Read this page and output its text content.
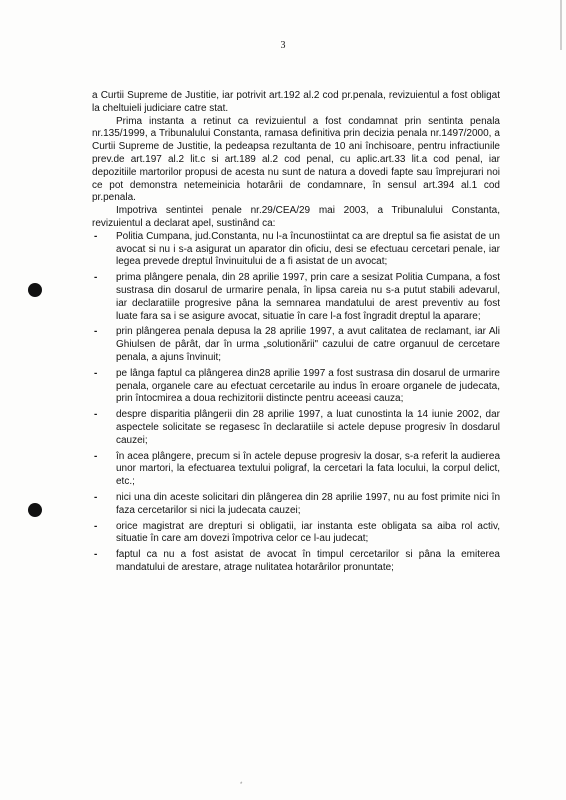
3

a Curtii Supreme de Justitie, iar potrivit art.192 al.2 cod pr.penala, revizuientul a fost obligat la cheltuieli judiciare catre stat.

Prima instanta a retinut ca revizuientul a fost condamnat prin sentinta penala nr.135/1999, a Tribunalului Constanta, ramasa definitiva prin decizia penala nr.1497/2000, a Curtii Supreme de Justitie, la pedeapsa rezultanta de 10 ani închisoare, pentru infractiunile prev.de art.197 al.2 lit.c si art.189 al.2 cod penal, cu aplic.art.33 lit.a cod penal, iar depozitiile martorilor propusi de acesta nu sunt de natura a dovedi fapte sau împrejurari noi ce pot demonstra netemeinicia hotarârii de condamnare, în sensul art.394 al.1 cod pr.penala.

Impotriva sentintei penale nr.29/CEA/29 mai 2003, a Tribunalului Constanta, revizuientul a declarat apel, sustinând ca:

- Politia Cumpana, jud.Constanta, nu l-a încunostiintat ca are dreptul sa fie asistat de un avocat si nu i s-a asigurat un aparator din oficiu, desi se efectuau cercetari penale, iar legea prevede dreptul învinuitului de a fi asistat de un avocat;
- prima plângere penala, din 28 aprilie 1997, prin care a sesizat Politia Cumpana, a fost sustrasa din dosarul de urmarire penala, în lipsa careia nu s-a putut stabili adevarul, iar declaratiile progresive pâna la semnarea mandatului de arest preventiv au fost luate fara sa i se asigure avocat, situatie în care l-a fost îngradit dreptul la aparare;
- prin plângerea penala depusa la 28 aprilie 1997, a avut calitatea de reclamant, iar Ali Ghiulsen de pârât, dar în urma „solutionãrii" cazului de catre organuul de cercetare penala, a ajuns învinuit;
- pe lânga faptul ca plângerea din28 aprilie 1997 a fost sustrasa din dosarul de urmarire penala, organele care au efectuat cercetarile au indus în eroare organele de judecata, prin întocmirea a doua rechizitorii distincte pentru aceeasi cauza;
- despre disparitia plângerii din 28 aprilie 1997, a luat cunostinta la 14 iunie 2002, dar aspectele solicitate se regasesc în declaratiile si actele depuse progresiv în dosdarul cauzei;
- în acea plângere, precum si în actele depuse progresiv la dosar, s-a referit la audierea unor martori, la efectuarea textului poligraf, la cercetari la fata locului, la corpul delict, etc.;
- nici una din aceste solicitari din plângerea din 28 aprilie 1997, nu au fost primite nici în faza cercetarilor si nici la judecata cauzei;
- orice magistrat are drepturi si obligatii, iar instanta este obligata sa aiba rol activ, situatie în care am dovezi împotriva celor ce l-au judecat;
- faptul ca nu a fost asistat de avocat în timpul cercetarilor si pâna la emiterea mandatului de arestare, atrage nulitatea hotarârilor pronuntate;
*
